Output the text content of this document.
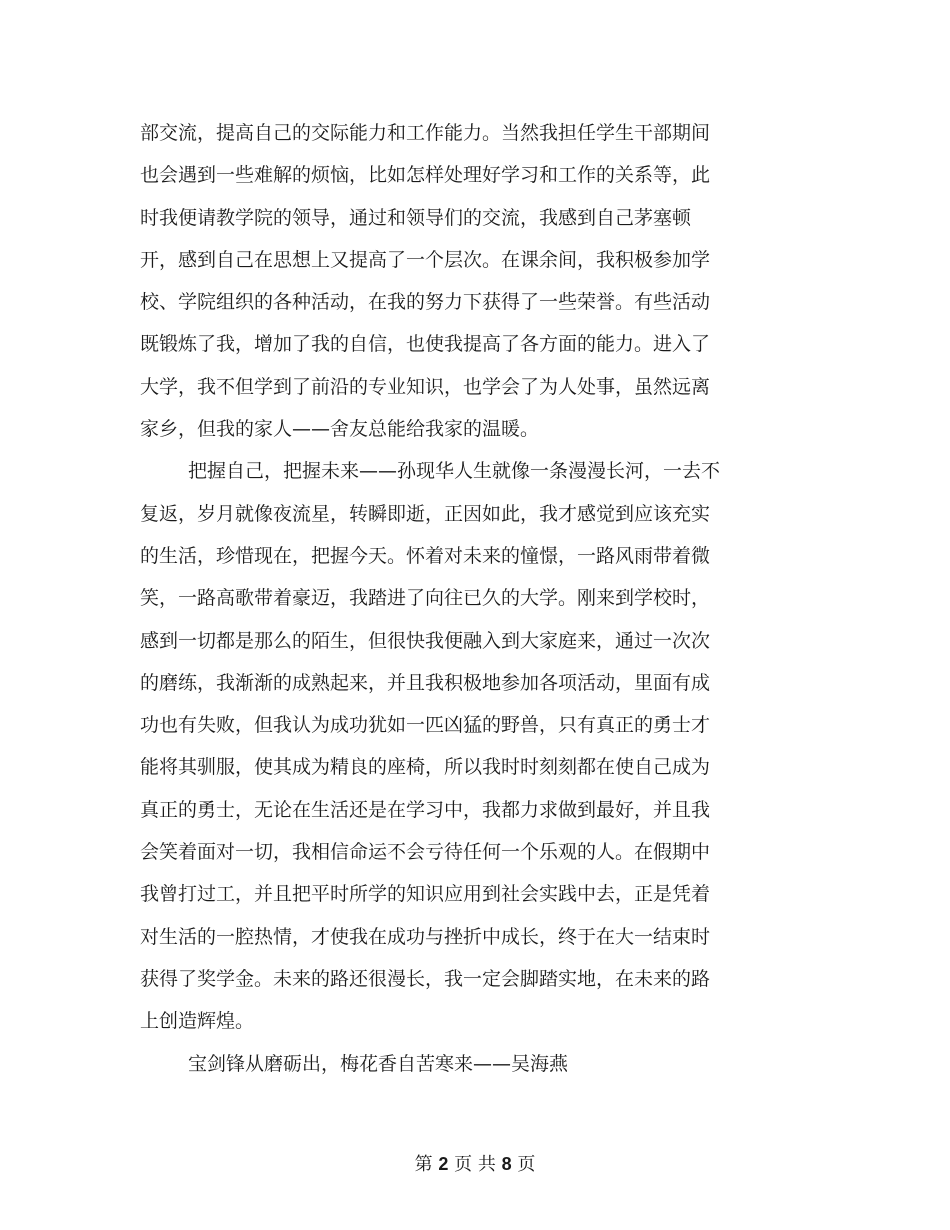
部交流，提高自己的交际能力和工作能力。当然我担任学生干部期间
也会遇到一些难解的烦恼，比如怎样处理好学习和工作的关系等，此
时我便请教学院的领导，通过和领导们的交流，我感到自己茅塞顿
开，感到自己在思想上又提高了一个层次。在课余间，我积极参加学
校、学院组织的各种活动，在我的努力下获得了一些荣誉。有些活动
既锻炼了我，增加了我的自信，也使我提高了各方面的能力。进入了
大学，我不但学到了前沿的专业知识，也学会了为人处事，虽然远离
家乡，但我的家人——舍友总能给我家的温暖。
把握自己，把握未来——孙现华人生就像一条漫漫长河，一去不
复返，岁月就像夜流星，转瞬即逝，正因如此，我才感觉到应该充实
的生活，珍惜现在，把握今天。怀着对未来的憧憬，一路风雨带着微
笑，一路高歌带着豪迈，我踏进了向往已久的大学。刚来到学校时，
感到一切都是那么的陌生，但很快我便融入到大家庭来，通过一次次
的磨练，我渐渐的成熟起来，并且我积极地参加各项活动，里面有成
功也有失败，但我认为成功犹如一匹凶猛的野兽，只有真正的勇士才
能将其驯服，使其成为精良的座椅，所以我时时刻刻都在使自己成为
真正的勇士，无论在生活还是在学习中，我都力求做到最好，并且我
会笑着面对一切，我相信命运不会亏待任何一个乐观的人。在假期中
我曾打过工，并且把平时所学的知识应用到社会实践中去，正是凭着
对生活的一腔热情，才使我在成功与挫折中成长，终于在大一结束时
获得了奖学金。未来的路还很漫长，我一定会脚踏实地，在未来的路
上创造辉煌。
宝剑锋从磨砺出，梅花香自苦寒来——吴海燕
第 2 页 共 8 页
